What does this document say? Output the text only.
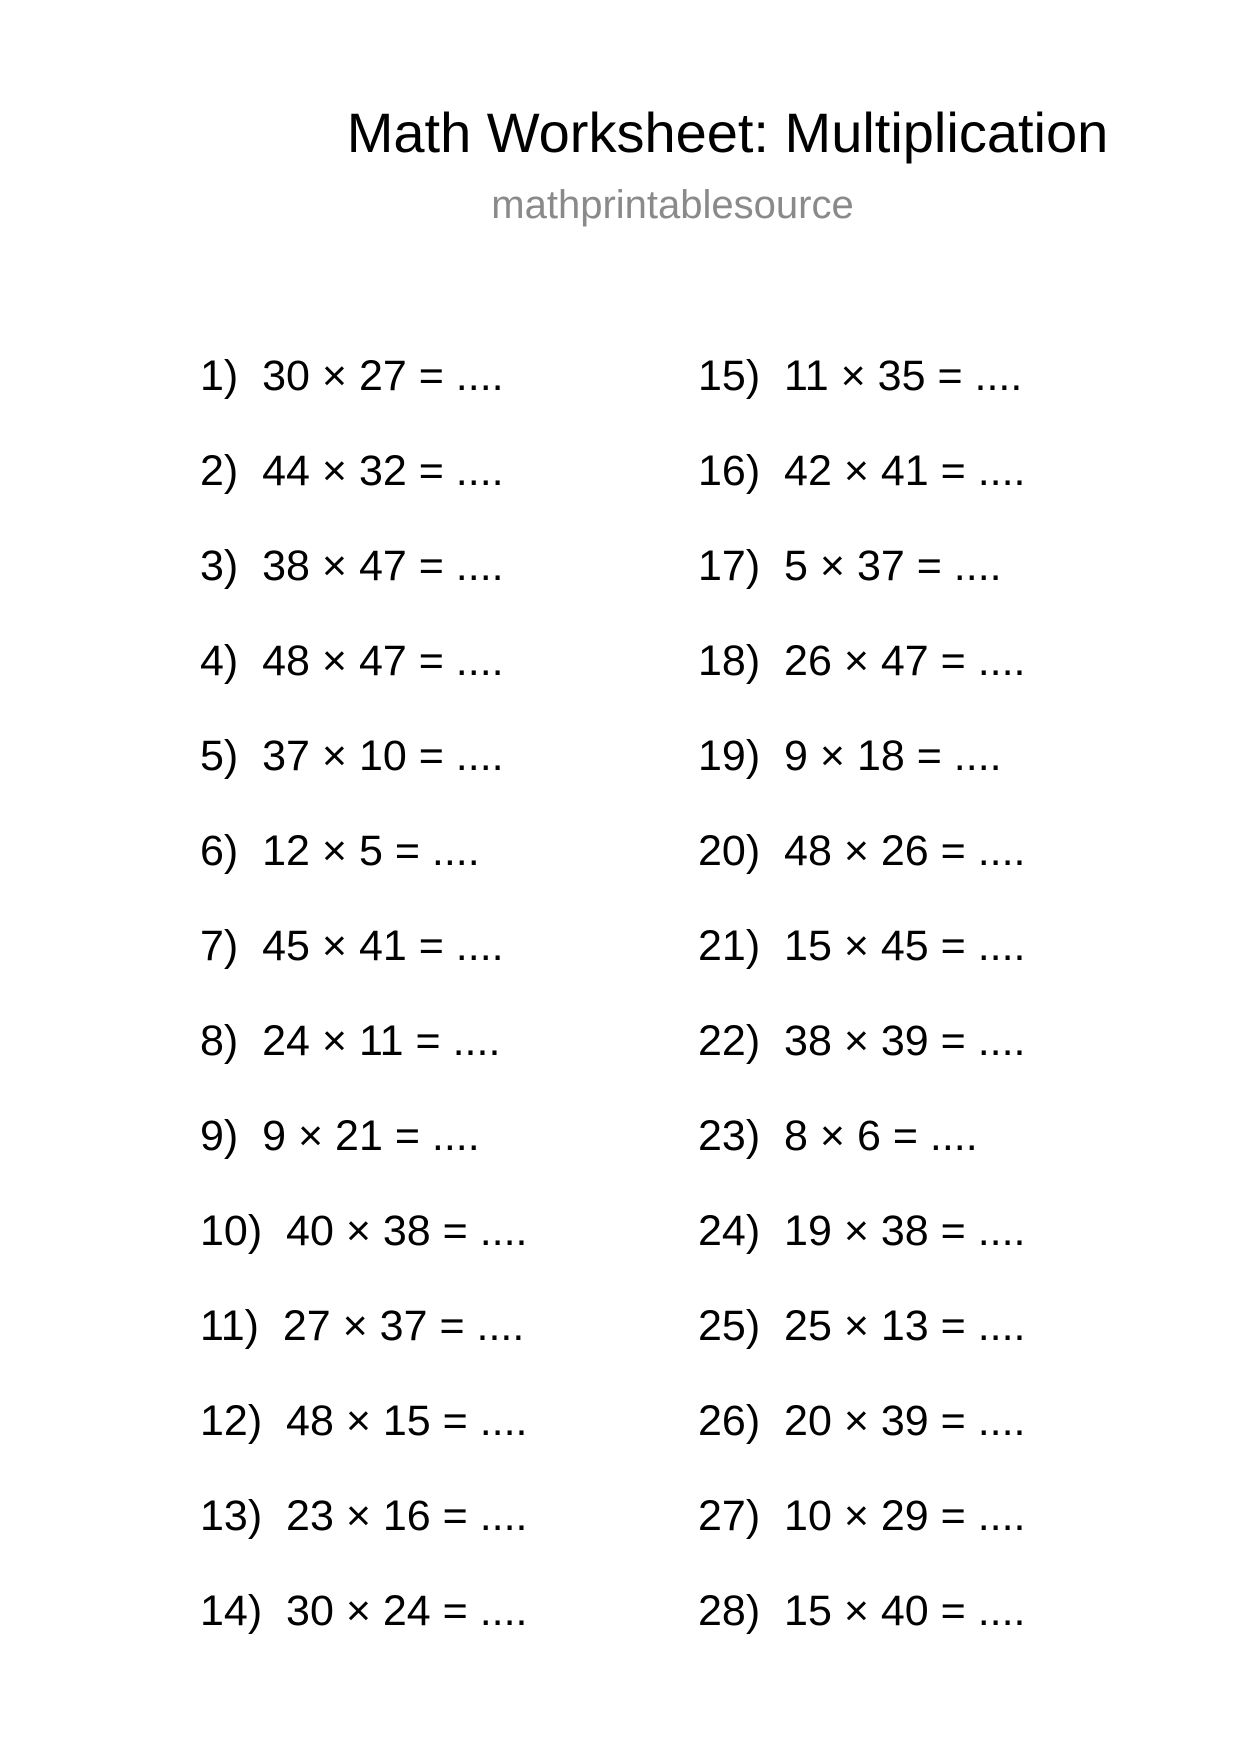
Math Worksheet: Multiplication
mathprintablesource
1)  30 × 27 = ....
2)  44 × 32 = ....
3)  38 × 47 = ....
4)  48 × 47 = ....
5)  37 × 10 = ....
6)  12 × 5 = ....
7)  45 × 41 = ....
8)  24 × 11 = ....
9)  9 × 21 = ....
10)  40 × 38 = ....
11)  27 × 37 = ....
12)  48 × 15 = ....
13)  23 × 16 = ....
14)  30 × 24 = ....
15)  11 × 35 = ....
16)  42 × 41 = ....
17)  5 × 37 = ....
18)  26 × 47 = ....
19)  9 × 18 = ....
20)  48 × 26 = ....
21)  15 × 45 = ....
22)  38 × 39 = ....
23)  8 × 6 = ....
24)  19 × 38 = ....
25)  25 × 13 = ....
26)  20 × 39 = ....
27)  10 × 29 = ....
28)  15 × 40 = ....
